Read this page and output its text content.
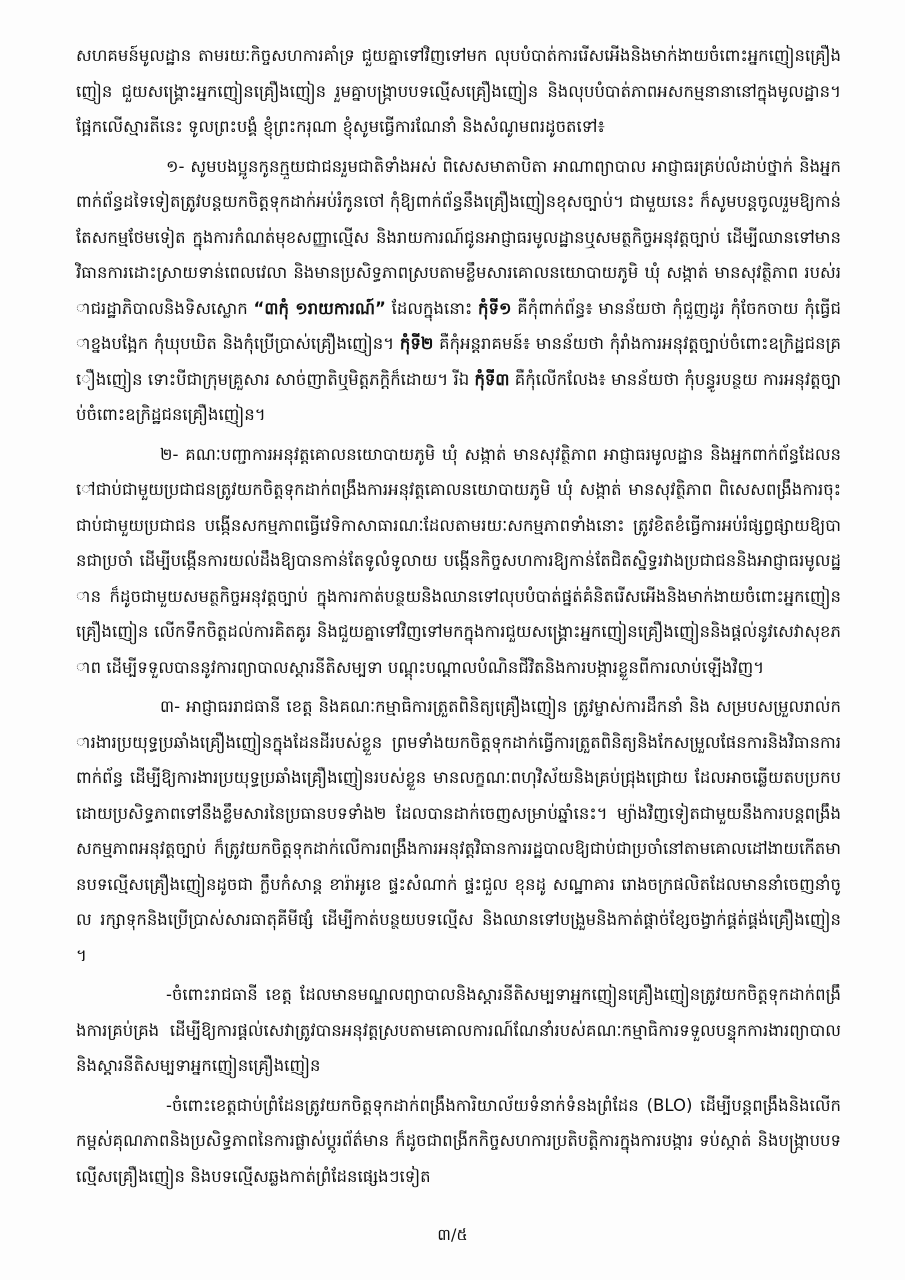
សហគមន៍មូលដ្ឋាន តាមរយៈកិច្ចសហការគាំទ្រ ជួយគ្នាទៅវិញទៅមក លុបបំបាត់ការរើសអើងនិងមាក់ងាយចំពោះអ្នកញៀនគ្រឿងញៀន ជួយសង្គ្រោះអ្នកញៀនគ្រឿងញៀន រួមគ្នាបង្ក្រាបបទល្មើសគ្រឿងញៀន និងលុបបំបាត់ភាពអសកម្មនានានៅក្នុងមូលដ្ឋាន។ ផ្អែកលើស្មារតីនេះ ទូលព្រះបង្គំ ខ្ញុំព្រះករុណា ខ្ញុំសូមធ្វើការណែនាំ និងសំណូមពរដូចតទៅ៖

១- សូមបងប្អូនកូនក្មួយជាជនរួមជាតិទាំងអស់ ពិសេសមាតាបិតា អាណាព្យាបាល អាជ្ញាធរគ្រប់លំដាប់ថ្នាក់ និងអ្នកពាក់ព័ន្ធដទៃទៀតត្រូវបន្តយកចិត្តទុកដាក់អប់រំកូនចៅ កុំឱ្យពាក់ព័ន្ធនឹងគ្រឿងញៀនខុសច្បាប់។ ជាមួយនេះ ក៏សូមបន្តចូលរួមឱ្យកាន់តែសកម្មថែមទៀត ក្នុងការកំណត់មុខសញ្ញាល្មើស និងរាយការណ៍ជូនអាជ្ញាធរមូលដ្ឋានឬសមត្ថកិច្ចអនុវត្តច្បាប់ ដើម្បីឈានទៅមានវិធានការដោះស្រាយទាន់ពេលវេលា និងមានប្រសិទ្ធភាពស្របតាមខ្លឹមសារគោលនយោបាយភូមិ ឃុំ សង្កាត់ មានសុវត្ថិភាព របស់រាជរដ្ឋាភិបាលនិងទិសស្លោក “៣កុំ ១រាយការណ៍” ដែលក្នុងនោះ កុំទី១ គឺកុំពាក់ព័ន្ធ៖ មានន័យថា កុំជួញដូរ កុំចែកចាយ កុំធ្វើជាខ្នងបង្អែក កុំឃុបឃិត និងកុំប្រើប្រាស់គ្រឿងញៀន។ កុំទី២ គឺកុំអន្តរាគមន៍៖ មានន័យថា កុំរាំងការអនុវត្តច្បាប់ចំពោះឧក្រិដ្ឋជនគ្រឿងញៀន ទោះបីជាក្រុមគ្រួសារ សាច់ញាតិឬមិត្តភក្តិក៏ដោយ។ រីឯ កុំទី៣ គឺកុំលើកលែង៖ មានន័យថា កុំបន្ធូរបន្ថយ ការអនុវត្តច្បាប់ចំពោះឧក្រិដ្ឋជនគ្រឿងញៀន។

២- គណៈបញ្ជាការអនុវត្តគោលនយោបាយភូមិ ឃុំ សង្កាត់ មានសុវត្ថិភាព អាជ្ញាធរមូលដ្ឋាន និងអ្នកពាក់ព័ន្ធដែលនៅជាប់ជាមួយប្រជាជនត្រូវយកចិត្តទុកដាក់ពង្រឹងការអនុវត្តគោលនយោបាយភូមិ ឃុំ សង្កាត់ មានសុវត្ថិភាព ពិសេសពង្រឹងការចុះជាប់ជាមួយប្រជាជន បង្កើនសកម្មភាពធ្វើវេទិកាសាធារណៈដែលតាមរយៈសកម្មភាពទាំងនោះ ត្រូវខិតខំធ្វើការអប់រំផ្សព្វផ្សាយឱ្យបានជាប្រចាំ ដើម្បីបង្កើនការយល់ដឹងឱ្យបានកាន់តែទូលំទូលាយ បង្កើនកិច្ចសហការឱ្យកាន់តែជិតស្និទ្ធរវាងប្រជាជននិងអាជ្ញាធរមូលដ្ឋាន ក៏ដូចជាមួយសមត្ថកិច្ចអនុវត្តច្បាប់ ក្នុងការកាត់បន្ថយនិងឈានទៅលុបបំបាត់ផ្នត់គំនិតរើសអើងនិងមាក់ងាយចំពោះអ្នកញៀនគ្រឿងញៀន លើកទឹកចិត្តដល់ការគិតគូរ និងជួយគ្នាទៅវិញទៅមកក្នុងការជួយសង្គ្រោះអ្នកញៀនគ្រឿងញៀននិងផ្តល់នូវសេវាសុខភាព ដើម្បីទទួលបាននូវការព្យាបាលស្តារនីតិសម្បទា បណ្តុះបណ្តាលបំណិនជីវិតនិងការបង្ការខ្លួនពីការលាប់ឡើងវិញ។

៣- អាជ្ញាធររាជធានី ខេត្ត និងគណៈកម្មាធិការត្រួតពិនិត្យគ្រឿងញៀន ត្រូវម្ចាស់ការដឹកនាំ និង សម្របសម្រួលរាល់ការងារប្រយុទ្ធប្រឆាំងគ្រឿងញៀនក្នុងដែនដីរបស់ខ្លួន ព្រមទាំងយកចិត្តទុកដាក់ធ្វើការត្រួតពិនិត្យនិងកែសម្រួលផែនការនិងវិធានការពាក់ព័ន្ធ ដើម្បីឱ្យការងារប្រយុទ្ធប្រឆាំងគ្រឿងញៀនរបស់ខ្លួន មានលក្ខណៈពហុវិស័យនិងគ្រប់ជ្រុងជ្រោយ ដែលអាចឆ្លើយតបប្រកបដោយប្រសិទ្ធភាពទៅនឹងខ្លឹមសារនៃប្រធានបទទាំង២ ដែលបានដាក់ចេញសម្រាប់ឆ្នាំនេះ។ ម្យ៉ាងវិញទៀតជាមួយនឹងការបន្តពង្រឹងសកម្មភាពអនុវត្តច្បាប់ ក៏ត្រូវយកចិត្តទុកដាក់លើការពង្រឹងការអនុវត្តវិធានការរដ្ឋបាលឱ្យជាប់ជាប្រចាំនៅតាមគោលដៅងាយកើតមានបទល្មើសគ្រឿងញៀនដូចជា ក្លឹបកំសាន្ត ខារ៉ាអូខេ ផ្ទះសំណាក់ ផ្ទះជួល ខុនដូ សណ្ឋាគារ រោងចក្រផលិតដែលមាននាំចេញនាំចូល រក្សាទុកនិងប្រើប្រាស់សារធាតុគីមីផ្សំ ដើម្បីកាត់បន្ថយបទល្មើស និងឈានទៅបង្រួមនិងកាត់ផ្តាច់ខ្សែចង្វាក់ផ្គត់ផ្គង់គ្រឿងញៀន។

-ចំពោះរាជធានី ខេត្ត ដែលមានមណ្ឌលព្យាបាលនិងស្តារនីតិសម្បទាអ្នកញៀនគ្រឿងញៀនត្រូវយកចិត្តទុកដាក់ពង្រឹងការគ្រប់គ្រង ដើម្បីឱ្យការផ្តល់សេវាត្រូវបានអនុវត្តស្របតាមគោលការណ៍ណែនាំរបស់គណៈកម្មាធិការទទួលបន្ទុកការងារព្យាបាលនិងស្តារនីតិសម្បទាអ្នកញៀនគ្រឿងញៀន

-ចំពោះខេត្តជាប់ព្រំដែនត្រូវយកចិត្តទុកដាក់ពង្រឹងការិយាល័យទំនាក់ទំនងព្រំដែន (BLO) ដើម្បីបន្តពង្រឹងនិងលើកកម្ពស់គុណភាពនិងប្រសិទ្ធភាពនៃការផ្លាស់ប្តូរព័ត៌មាន ក៏ដូចជាពង្រីកកិច្ចសហការប្រតិបត្តិការក្នុងការបង្ការ ទប់ស្កាត់ និងបង្ក្រាបបទល្មើសគ្រឿងញៀន និងបទល្មើសឆ្លងកាត់ព្រំដែនផ្សេងៗទៀត

៣/៥
